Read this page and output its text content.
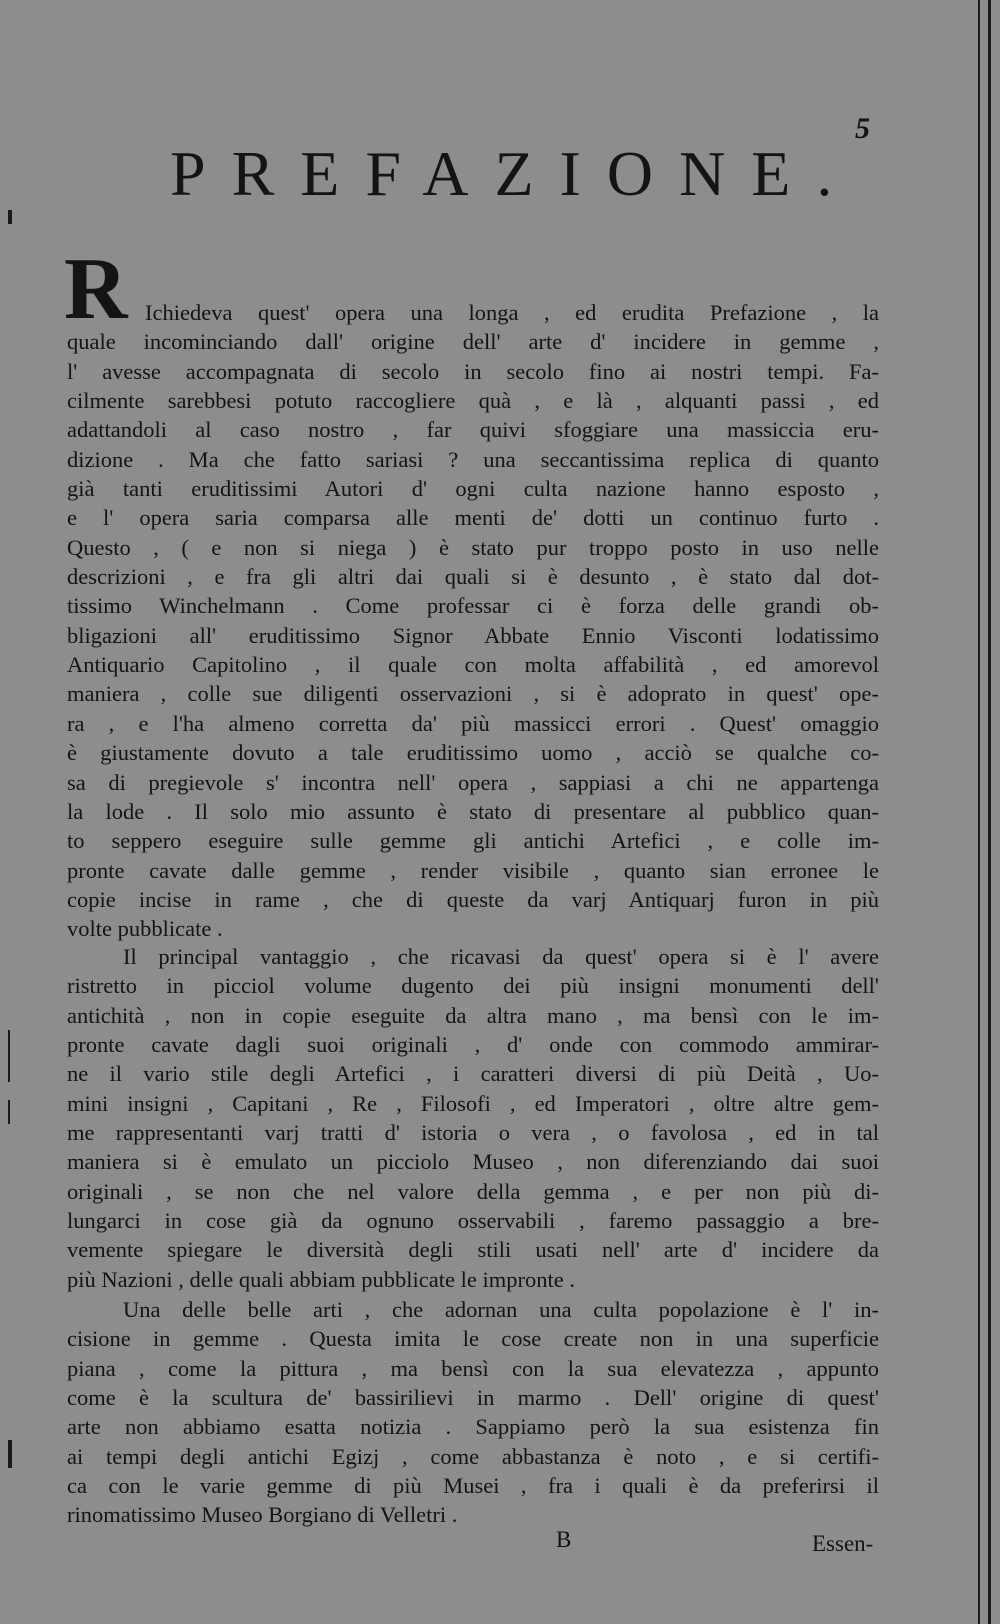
5
PREFAZIONE.
R Ichiedeva quest' opera una longa , ed erudita Prefazione , la
quale incominciando dall' origine dell' arte d' incidere in gemme ,
l' avesse accompagnata di secolo in secolo fino ai nostri tempi. Fa-
cilmente sarebbesi potuto raccogliere quà , e là , alquanti passi , ed
adattandoli al caso nostro , far quivi sfoggiare una massiccia eru-
dizione . Ma che fatto sariasi ? una seccantissima replica di quanto
già tanti eruditissimi Autori d' ogni culta nazione hanno esposto ,
e l' opera saria comparsa alle menti de' dotti un continuo furto .
Questo , ( e non si niega ) è stato pur troppo posto in uso nelle
descrizioni , e fra gli altri dai quali si è desunto , è stato dal dot-
tissimo Winchelmann . Come professar ci è forza delle grandi ob-
bligazioni all' eruditissimo Signor Abbate Ennio Visconti lodatissimo
Antiquario Capitolino , il quale con molta affabilità , ed amorevol
maniera , colle sue diligenti osservazioni , si è adoprato in quest' ope-
ra , e l'ha almeno corretta da' più massicci errori . Quest' omaggio
è giustamente dovuto a tale eruditissimo uomo , acciò se qualche co-
sa di pregievole s' incontra nell' opera , sappiasi a chi ne appartenga
la lode . Il solo mio assunto è stato di presentare al pubblico quan-
to seppero eseguire sulle gemme gli antichi Artefici , e colle im-
pronte cavate dalle gemme , render visibile , quanto sian erronee le
copie incise in rame , che di queste da varj Antiquarj furon in più
volte pubblicate .
Il principal vantaggio , che ricavasi da quest' opera si è l' avere
ristretto in picciol volume dugento dei più insigni monumenti dell'
antichità , non in copie eseguite da altra mano , ma bensì con le im-
pronte cavate dagli suoi originali , d' onde con commodo ammirar-
ne il vario stile degli Artefici , i caratteri diversi di più Deità , Uo-
mini insigni , Capitani , Re , Filosofi , ed Imperatori , oltre altre gem-
me rappresentanti varj tratti d' istoria o vera , o favolosa , ed in tal
maniera si è emulato un picciolo Museo , non diferenziando dai suoi
originali , se non che nel valore della gemma , e per non più di-
lungarci in cose già da ognuno osservabili , faremo passaggio a bre-
vemente spiegare le diversità degli stili usati nell' arte d' incidere da
più Nazioni , delle quali abbiam pubblicate le impronte .
Una delle belle arti , che adornan una culta popolazione è l' in-
cisione in gemme . Questa imita le cose create non in una superficie
piana , come la pittura , ma bensì con la sua elevatezza , appunto
come è la scultura de' bassirilievi in marmo . Dell' origine di quest'
arte non abbiamo esatta notizia . Sappiamo però la sua esistenza fin
ai tempi degli antichi Egizj , come abbastanza è noto , e si certifi-
ca con le varie gemme di più Musei , fra i quali è da preferirsi il
rinomatissimo Museo Borgiano di Velletri .
B	Essen-
